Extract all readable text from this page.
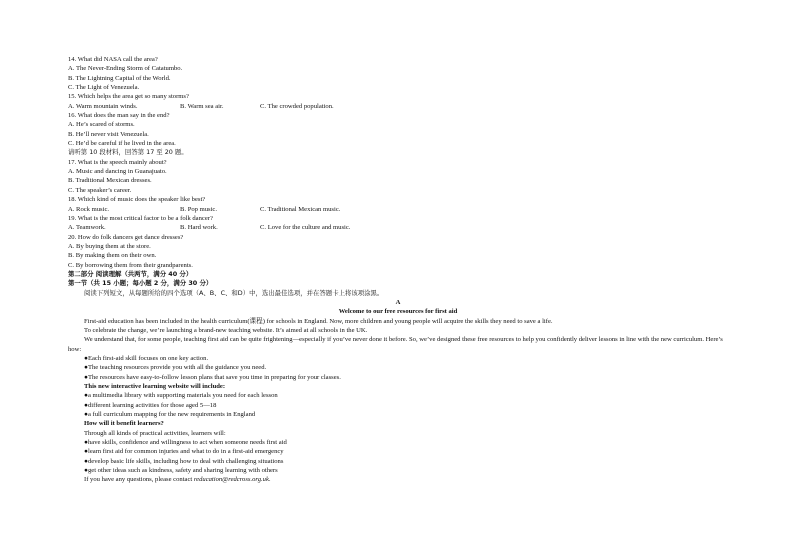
14. What did NASA call the area?
A. The Never-Ending Storm of Catatumbo.
B. The Lightning Capital of the World.
C. The Light of Venezuela.
15. Which helps the area get so many storms?
A. Warm mountain winds.	B. Warm sea air.	C. The crowded population.
16. What does the man say in the end?
A. He’s scared of storms.
B. He’ll never visit Venezuela.
C. He’d be careful if he lived in the area.
请听第 10 段材料，回答第 17 至 20 题。
17. What is the speech mainly about?
A. Music and dancing in Guanajuato.
B. Traditional Mexican dresses.
C. The speaker’s career.
18. Which kind of music does the speaker like best?
A. Rock music.	B. Pop music.	C. Traditional Mexican music.
19. What is the most critical factor to be a folk dancer?
A. Teamwork.	B. Hard work.	C. Love for the culture and music.
20. How do folk dancers get dance dresses?
A. By buying them at the store.
B. By making them on their own.
C. By borrowing them from their grandparents.
第二部分 阅读理解（共两节，满分 40 分）
第一节（共 15 小题；每小题 2 分，满分 30 分）
阅读下列短文，从每题所给的四个选项（A、B、C、和D）中，选出最佳选项，并在答题卡上将该项涂黑。
A
Welcome to our free resources for first aid
First-aid education has been included in the health curriculum(课程) for schools in England. Now, more children and young people will acquire the skills they need to save a life.
To celebrate the change, we’re launching a brand-new teaching website. It’s aimed at all schools in the UK.
We understand that, for some people, teaching first aid can be quite frightening—especially if you’ve never done it before. So, we’ve designed these free resources to help you confidently deliver lessons in line with the new curriculum. Here’s how:
●Each first-aid skill focuses on one key action.
●The teaching resources provide you with all the guidance you need.
●The resources have easy-to-follow lesson plans that save you time in preparing for your classes.
This new interactive learning website will include:
●a multimedia library with supporting materials you need for each lesson
●different learning activities for those aged 5—18
●a full curriculum mapping for the new requirements in England
How will it benefit learners?
Through all kinds of practical activities, learners will:
●have skills, confidence and willingness to act when someone needs first aid
●learn first aid for common injuries and what to do in a first-aid emergency
●develop basic life skills, including how to deal with challenging situations
●get other ideas such as kindness, safety and sharing learning with others
If you have any questions, please contact reducation@redcross.org.uk.
